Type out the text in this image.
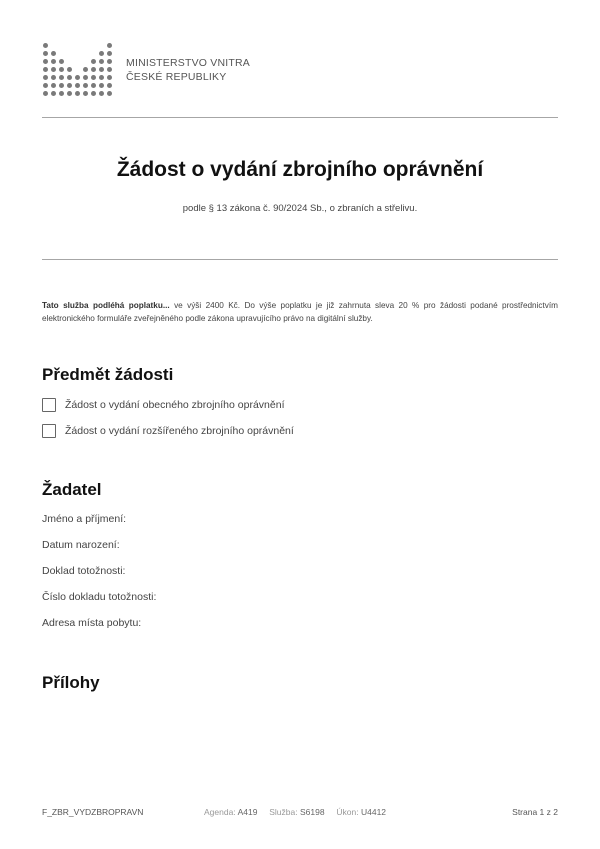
MINISTERSTVO VNITRA
ČESKÉ REPUBLIKY
Žádost o vydání zbrojního oprávnění
podle § 13 zákona č. 90/2024 Sb., o zbraních a střelivu.
Tato služba podléhá poplatku... ve výši 2400 Kč. Do výše poplatku je již zahrnuta sleva 20 % pro žádosti podané prostřednictvím elektronického formuláře zveřejněného podle zákona upravujícího právo na digitální služby.
Předmět žádosti
Žádost o vydání obecného zbrojního oprávnění
Žádost o vydání rozšířeného zbrojního oprávnění
Žadatel
Jméno a příjmení:
Datum narození:
Doklad totožnosti:
Číslo dokladu totožnosti:
Adresa místa pobytu:
Přílohy
F_ZBR_VYDZBROPRAVN	Agenda: A419 Služba: S6198 Úkon: U4412	Strana 1 z 2
